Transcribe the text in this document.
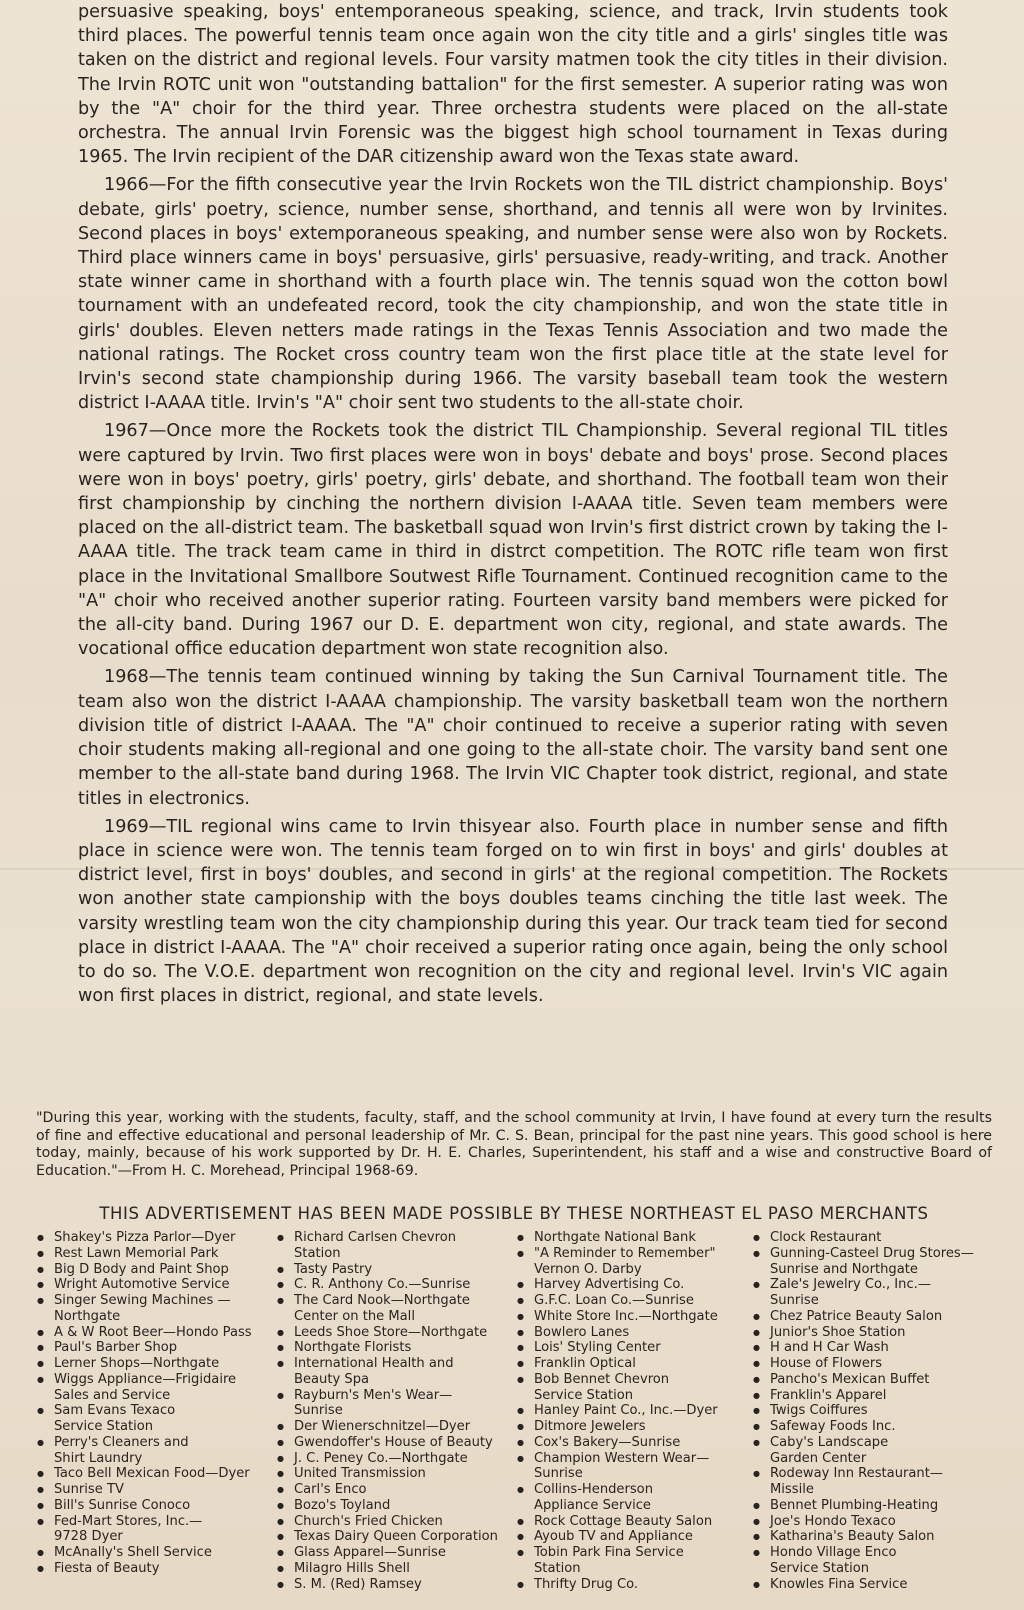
persuasive speaking, boys' entemporaneous speaking, science, and track, Irvin students took third places. The powerful tennis team once again won the city title and a girls' singles title was taken on the district and regional levels. Four varsity matmen took the city titles in their division. The Irvin ROTC unit won "outstanding battalion" for the first semester. A superior rating was won by the "A" choir for the third year. Three orchestra students were placed on the all-state orchestra. The annual Irvin Forensic was the biggest high school tournament in Texas during 1965. The Irvin recipient of the DAR citizenship award won the Texas state award.

1966—For the fifth consecutive year the Irvin Rockets won the TIL district championship. Boys' debate, girls' poetry, science, number sense, shorthand, and tennis all were won by Irvinites. Second places in boys' extemporaneous speaking, and number sense were also won by Rockets. Third place winners came in boys' persuasive, girls' persuasive, ready-writing, and track. Another state winner came in shorthand with a fourth place win. The tennis squad won the cotton bowl tournament with an undefeated record, took the city championship, and won the state title in girls' doubles. Eleven netters made ratings in the Texas Tennis Association and two made the national ratings. The Rocket cross country team won the first place title at the state level for Irvin's second state championship during 1966. The varsity baseball team took the western district I-AAAA title. Irvin's "A" choir sent two students to the all-state choir.

1967—Once more the Rockets took the district TIL Championship. Several regional TIL titles were captured by Irvin. Two first places were won in boys' debate and boys' prose. Second places were won in boys' poetry, girls' poetry, girls' debate, and shorthand. The football team won their first championship by cinching the northern division I-AAAA title. Seven team members were placed on the all-district team. The basketball squad won Irvin's first district crown by taking the I-AAAA title. The track team came in third in distrct competition. The ROTC rifle team won first place in the Invitational Smallbore Soutwest Rifle Tournament. Continued recognition came to the "A" choir who received another superior rating. Fourteen varsity band members were picked for the all-city band. During 1967 our D. E. department won city, regional, and state awards. The vocational office education department won state recognition also.

1968—The tennis team continued winning by taking the Sun Carnival Tournament title. The team also won the district I-AAAA championship. The varsity basketball team won the northern division title of district I-AAAA. The "A" choir continued to receive a superior rating with seven choir students making all-regional and one going to the all-state choir. The varsity band sent one member to the all-state band during 1968. The Irvin VIC Chapter took district, regional, and state titles in electronics.

1969—TIL regional wins came to Irvin thisyear also. Fourth place in number sense and fifth place in science were won. The tennis team forged on to win first in boys' and girls' doubles at district level, first in boys' doubles, and second in girls' at the regional competition. The Rockets won another state campionship with the boys doubles teams cinching the title last week. The varsity wrestling team won the city championship during this year. Our track team tied for second place in district I-AAAA. The "A" choir received a superior rating once again, being the only school to do so. The V.O.E. department won recognition on the city and regional level. Irvin's VIC again won first places in district, regional, and state levels.

"During this year, working with the students, faculty, staff, and the school community at Irvin, I have found at every turn the results of fine and effective educational and personal leadership of Mr. C. S. Bean, principal for the past nine years. This good school is here today, mainly, because of his work supported by Dr. H. E. Charles, Superintendent, his staff and a wise and constructive Board of Education."—From H. C. Morehead, Principal 1968-69.

THIS ADVERTISEMENT HAS BEEN MADE POSSIBLE BY THESE NORTHEAST EL PASO MERCHANTS

● Shakey's Pizza Parlor—Dyer
● Rest Lawn Memorial Park
● Big D Body and Paint Shop
● Wright Automotive Service
● Singer Sewing Machines —
Northgate
● A & W Root Beer—Hondo Pass
● Paul's Barber Shop
● Lerner Shops—Northgate
● Wiggs Appliance—Frigidaire
Sales and Service
● Sam Evans Texaco
Service Station
● Perry's Cleaners and
Shirt Laundry
● Taco Bell Mexican Food—Dyer
● Sunrise TV
● Bill's Sunrise Conoco
● Fed-Mart Stores, Inc.—
9728 Dyer
● McAnally's Shell Service
● Fiesta of Beauty
● Richard Carlsen Chevron
Station
● Tasty Pastry
● C. R. Anthony Co.—Sunrise
● The Card Nook—Northgate
Center on the Mall
● Leeds Shoe Store—Northgate
● Northgate Florists
● International Health and
Beauty Spa
● Rayburn's Men's Wear—
Sunrise
● Der Wienerschnitzel—Dyer
● Gwendoffer's House of Beauty
● J. C. Peney Co.—Northgate
● United Transmission
● Carl's Enco
● Bozo's Toyland
● Church's Fried Chicken
● Texas Dairy Queen Corporation
● Glass Apparel—Sunrise
● Milagro Hills Shell
● S. M. (Red) Ramsey
● Northgate National Bank
● "A Reminder to Remember"
Vernon O. Darby
● Harvey Advertising Co.
● G.F.C. Loan Co.—Sunrise
● White Store Inc.—Northgate
● Bowlero Lanes
● Lois' Styling Center
● Franklin Optical
● Bob Bennet Chevron
Service Station
● Hanley Paint Co., Inc.—Dyer
● Ditmore Jewelers
● Cox's Bakery—Sunrise
● Champion Western Wear—
Sunrise
● Collins-Henderson
Appliance Service
● Rock Cottage Beauty Salon
● Ayoub TV and Appliance
● Tobin Park Fina Service
Station
● Thrifty Drug Co.
● Clock Restaurant
● Gunning-Casteel Drug Stores—
Sunrise and Northgate
● Zale's Jewelry Co., Inc.—
Sunrise
● Chez Patrice Beauty Salon
● Junior's Shoe Station
● H and H Car Wash
● House of Flowers
● Pancho's Mexican Buffet
● Franklin's Apparel
● Twigs Coiffures
● Safeway Foods Inc.
● Caby's Landscape
Garden Center
● Rodeway Inn Restaurant—
Missile
● Bennet Plumbing-Heating
● Joe's Hondo Texaco
● Katharina's Beauty Salon
● Hondo Village Enco
Service Station
● Knowles Fina Service
